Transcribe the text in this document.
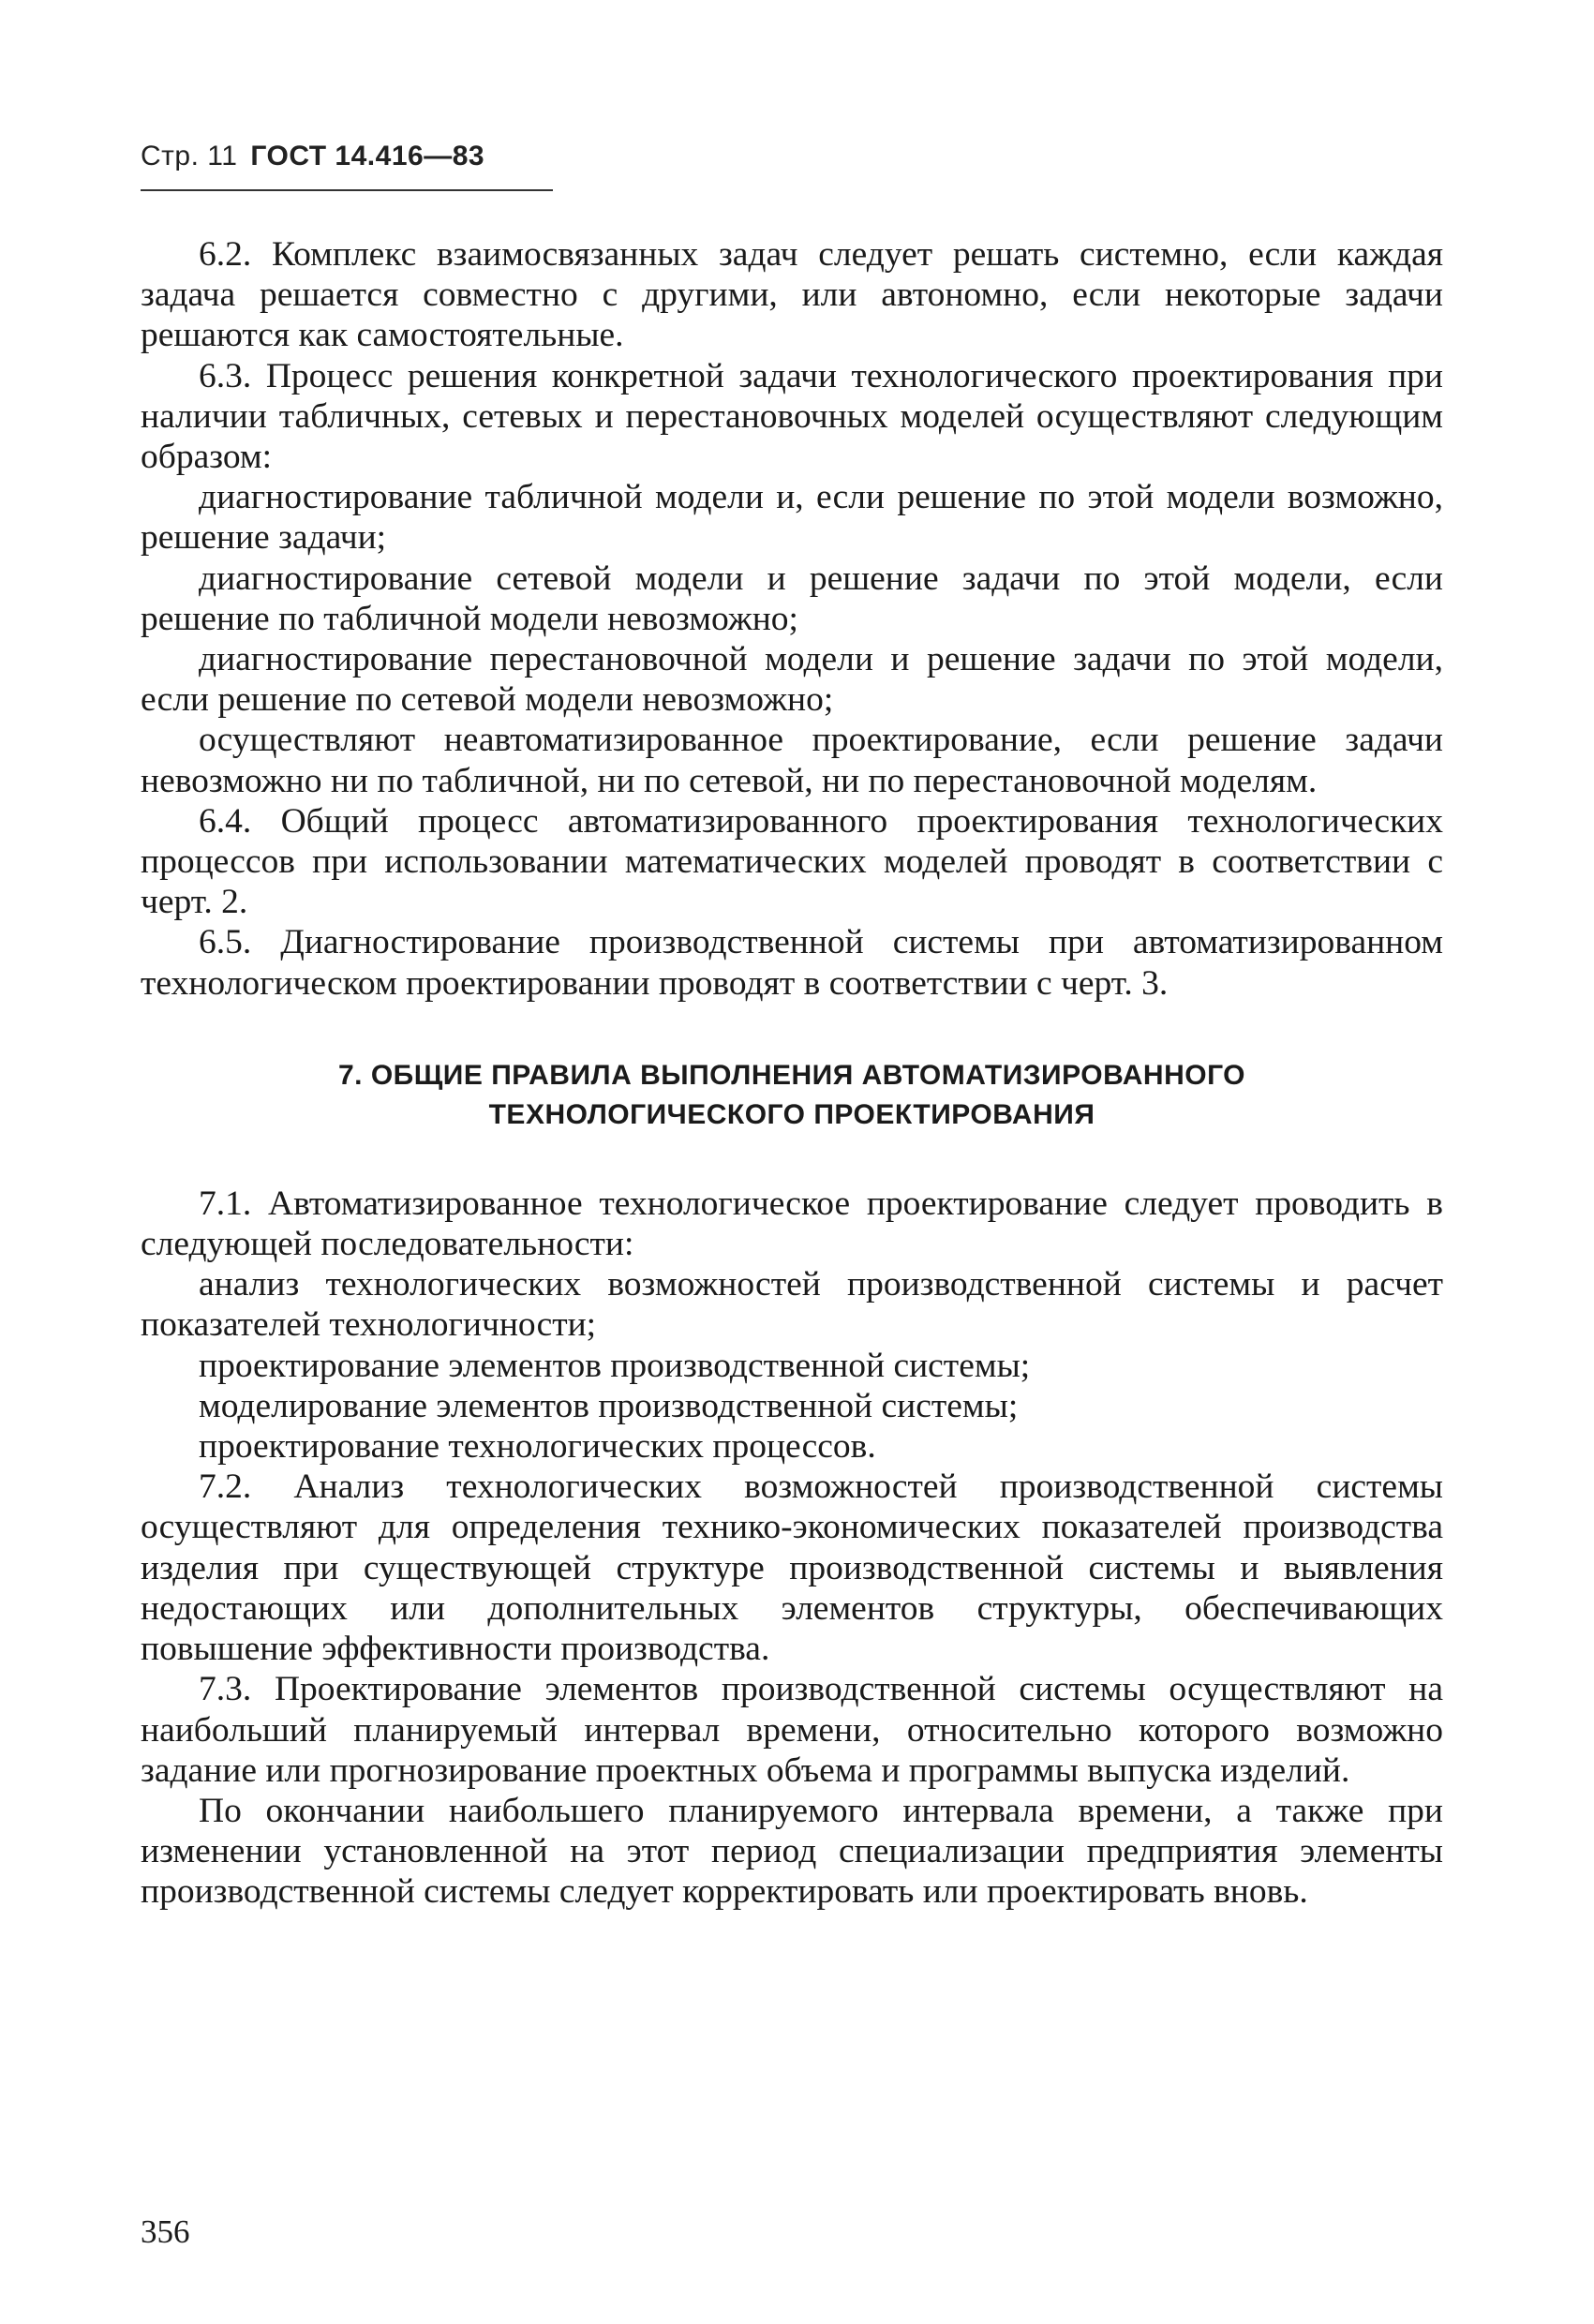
Стр. 11 ГОСТ 14.416—83

6.2. Комплекс взаимосвязанных задач следует решать системно, если каждая задача решается совместно с другими, или автономно, если некоторые задачи решаются как самостоятельные.

6.3. Процесс решения конкретной задачи технологического проектирования при наличии табличных, сетевых и перестановочных моделей осуществляют следующим образом:

диагностирование табличной модели и, если решение по этой модели возможно, решение задачи;

диагностирование сетевой модели и решение задачи по этой модели, если решение по табличной модели невозможно;

диагностирование перестановочной модели и решение задачи по этой модели, если решение по сетевой модели невозможно;

осуществляют неавтоматизированное проектирование, если решение задачи невозможно ни по табличной, ни по сетевой, ни по перестановочной моделям.

6.4. Общий процесс автоматизированного проектирования технологических процессов при использовании математических моделей проводят в соответствии с черт. 2.

6.5. Диагностирование производственной системы при автоматизированном технологическом проектировании проводят в соответствии с черт. 3.

7. ОБЩИЕ ПРАВИЛА ВЫПОЛНЕНИЯ АВТОМАТИЗИРОВАННОГО
ТЕХНОЛОГИЧЕСКОГО ПРОЕКТИРОВАНИЯ

7.1. Автоматизированное технологическое проектирование следует проводить в следующей последовательности:

анализ технологических возможностей производственной системы и расчет показателей технологичности;

проектирование элементов производственной системы;

моделирование элементов производственной системы;

проектирование технологических процессов.

7.2. Анализ технологических возможностей производственной системы осуществляют для определения технико-экономических показателей производства изделия при существующей структуре производственной системы и выявления недостающих или дополнительных элементов структуры, обеспечивающих повышение эффективности производства.

7.3. Проектирование элементов производственной системы осуществляют на наибольший планируемый интервал времени, относительно которого возможно задание или прогнозирование проектных объема и программы выпуска изделий.

По окончании наибольшего планируемого интервала времени, а также при изменении установленной на этот период специализации предприятия элементы производственной системы следует корректировать или проектировать вновь.

356
